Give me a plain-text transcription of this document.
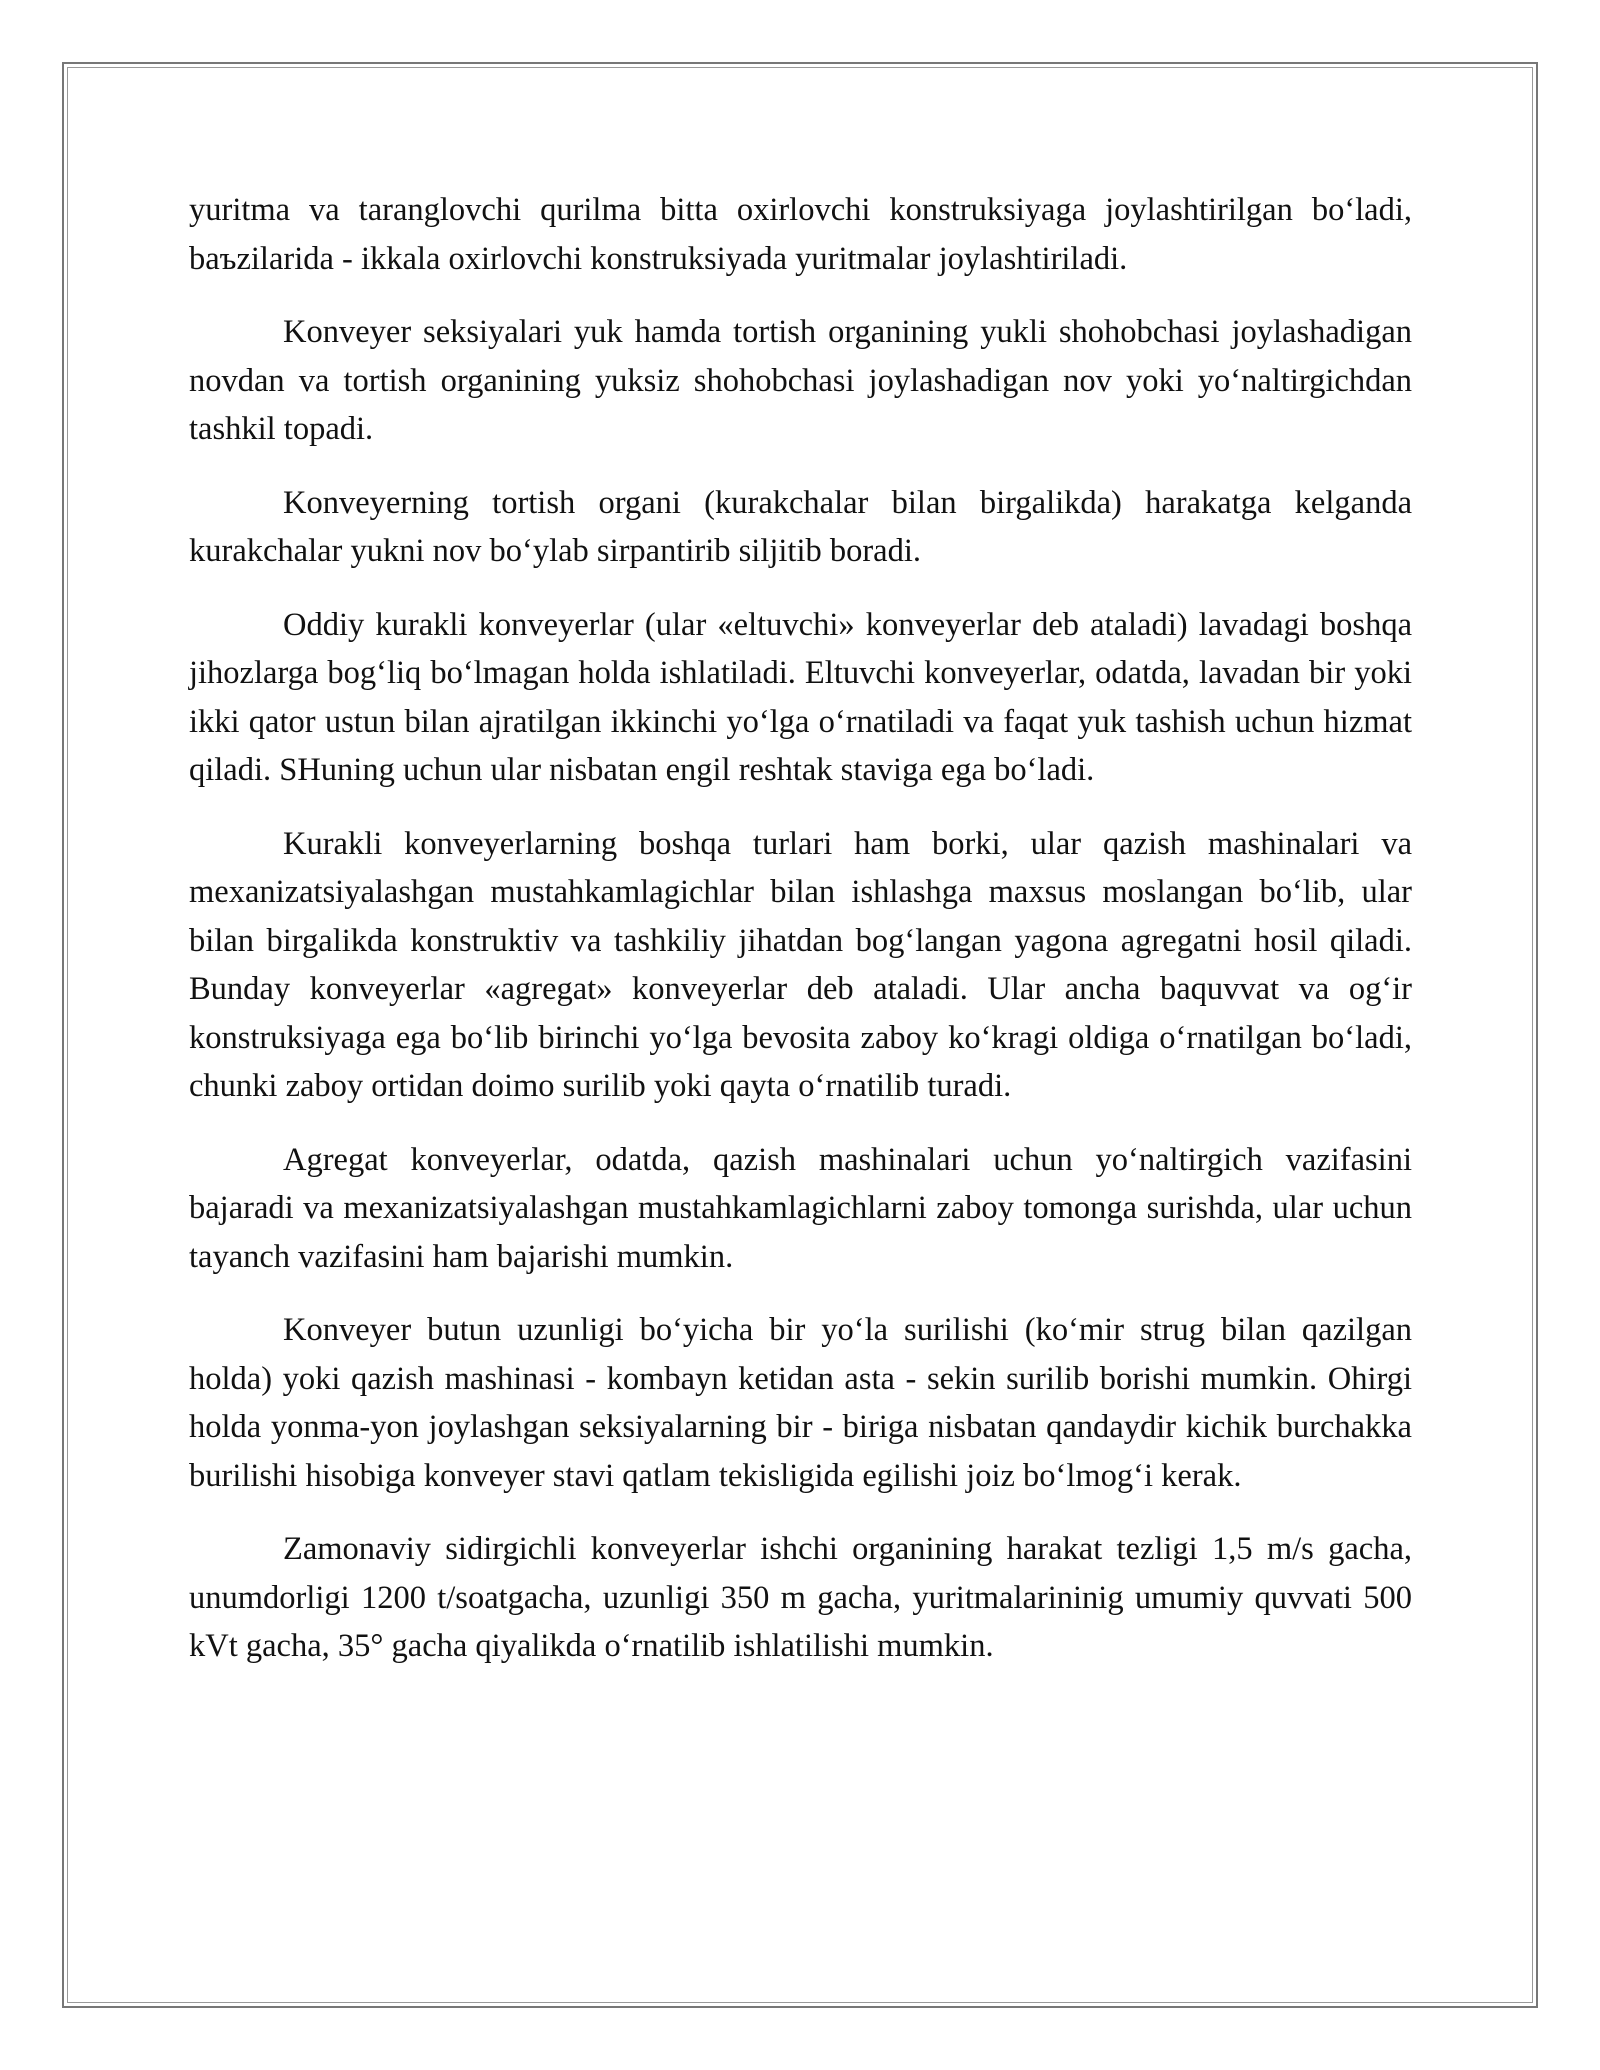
yuritma va taranglovchi qurilma bitta oxirlovchi konstruksiyaga joylashtirilgan bo‘ladi, baъzilarida - ikkala oxirlovchi konstruksiyada yuritmalar joylashtiriladi.

Konveyer seksiyalari yuk hamda tortish organining yukli shohobchasi joylashadigan novdan va tortish organining yuksiz shohobchasi joylashadigan nov yoki yo‘naltirgichdan tashkil topadi.

Konveyerning tortish organi (kurakchalar bilan birgalikda) harakatga kelganda kurakchalar yukni nov bo‘ylab sirpantirib siljitib boradi.

Oddiy kurakli konveyerlar (ular «eltuvchi» konveyerlar deb ataladi) lavadagi boshqa jihozlarga bog‘liq bo‘lmagan holda ishlatiladi. Eltuvchi konveyerlar, odatda, lavadan bir yoki ikki qator ustun bilan ajratilgan ikkinchi yo‘lga o‘rnatiladi va faqat yuk tashish uchun hizmat qiladi. SHuning uchun ular nisbatan engil reshtak staviga ega bo‘ladi.

Kurakli konveyerlarning boshqa turlari ham borki, ular qazish mashinalari va mexanizatsiyalashgan mustahkamlagichlar bilan ishlashga maxsus moslangan bo‘lib, ular bilan birgalikda konstruktiv va tashkiliy jihatdan bog‘langan yagona agregatni hosil qiladi. Bunday konveyerlar «agregat» konveyerlar deb ataladi. Ular ancha baquvvat va og‘ir konstruksiyaga ega bo‘lib birinchi yo‘lga bevosita zaboy ko‘kragi oldiga o‘rnatilgan bo‘ladi, chunki zaboy ortidan doimo surilib yoki qayta o‘rnatilib turadi.

Agregat konveyerlar, odatda, qazish mashinalari uchun yo‘naltirgich vazifasini bajaradi va mexanizatsiyalashgan mustahkamlagichlarni zaboy tomonga surishda, ular uchun tayanch vazifasini ham bajarishi mumkin.

Konveyer butun uzunligi bo‘yicha bir yo‘la surilishi (ko‘mir strug bilan qazilgan holda) yoki qazish mashinasi - kombayn ketidan asta - sekin surilib borishi mumkin. Ohirgi holda yonma-yon joylashgan seksiyalarning bir - biriga nisbatan qandaydir kichik burchakka burilishi hisobiga konveyer stavi qatlam tekisligida egilishi joiz bo‘lmog‘i kerak.

Zamonaviy sidirgichli konveyerlar ishchi organining harakat tezligi 1,5 m/s gacha, unumdorligi 1200 t/soatgacha, uzunligi 350 m gacha, yuritmalarininig umumiy quvvati 500 kVt gacha, 35° gacha qiyalikda o‘rnatilib ishlatilishi mumkin.
